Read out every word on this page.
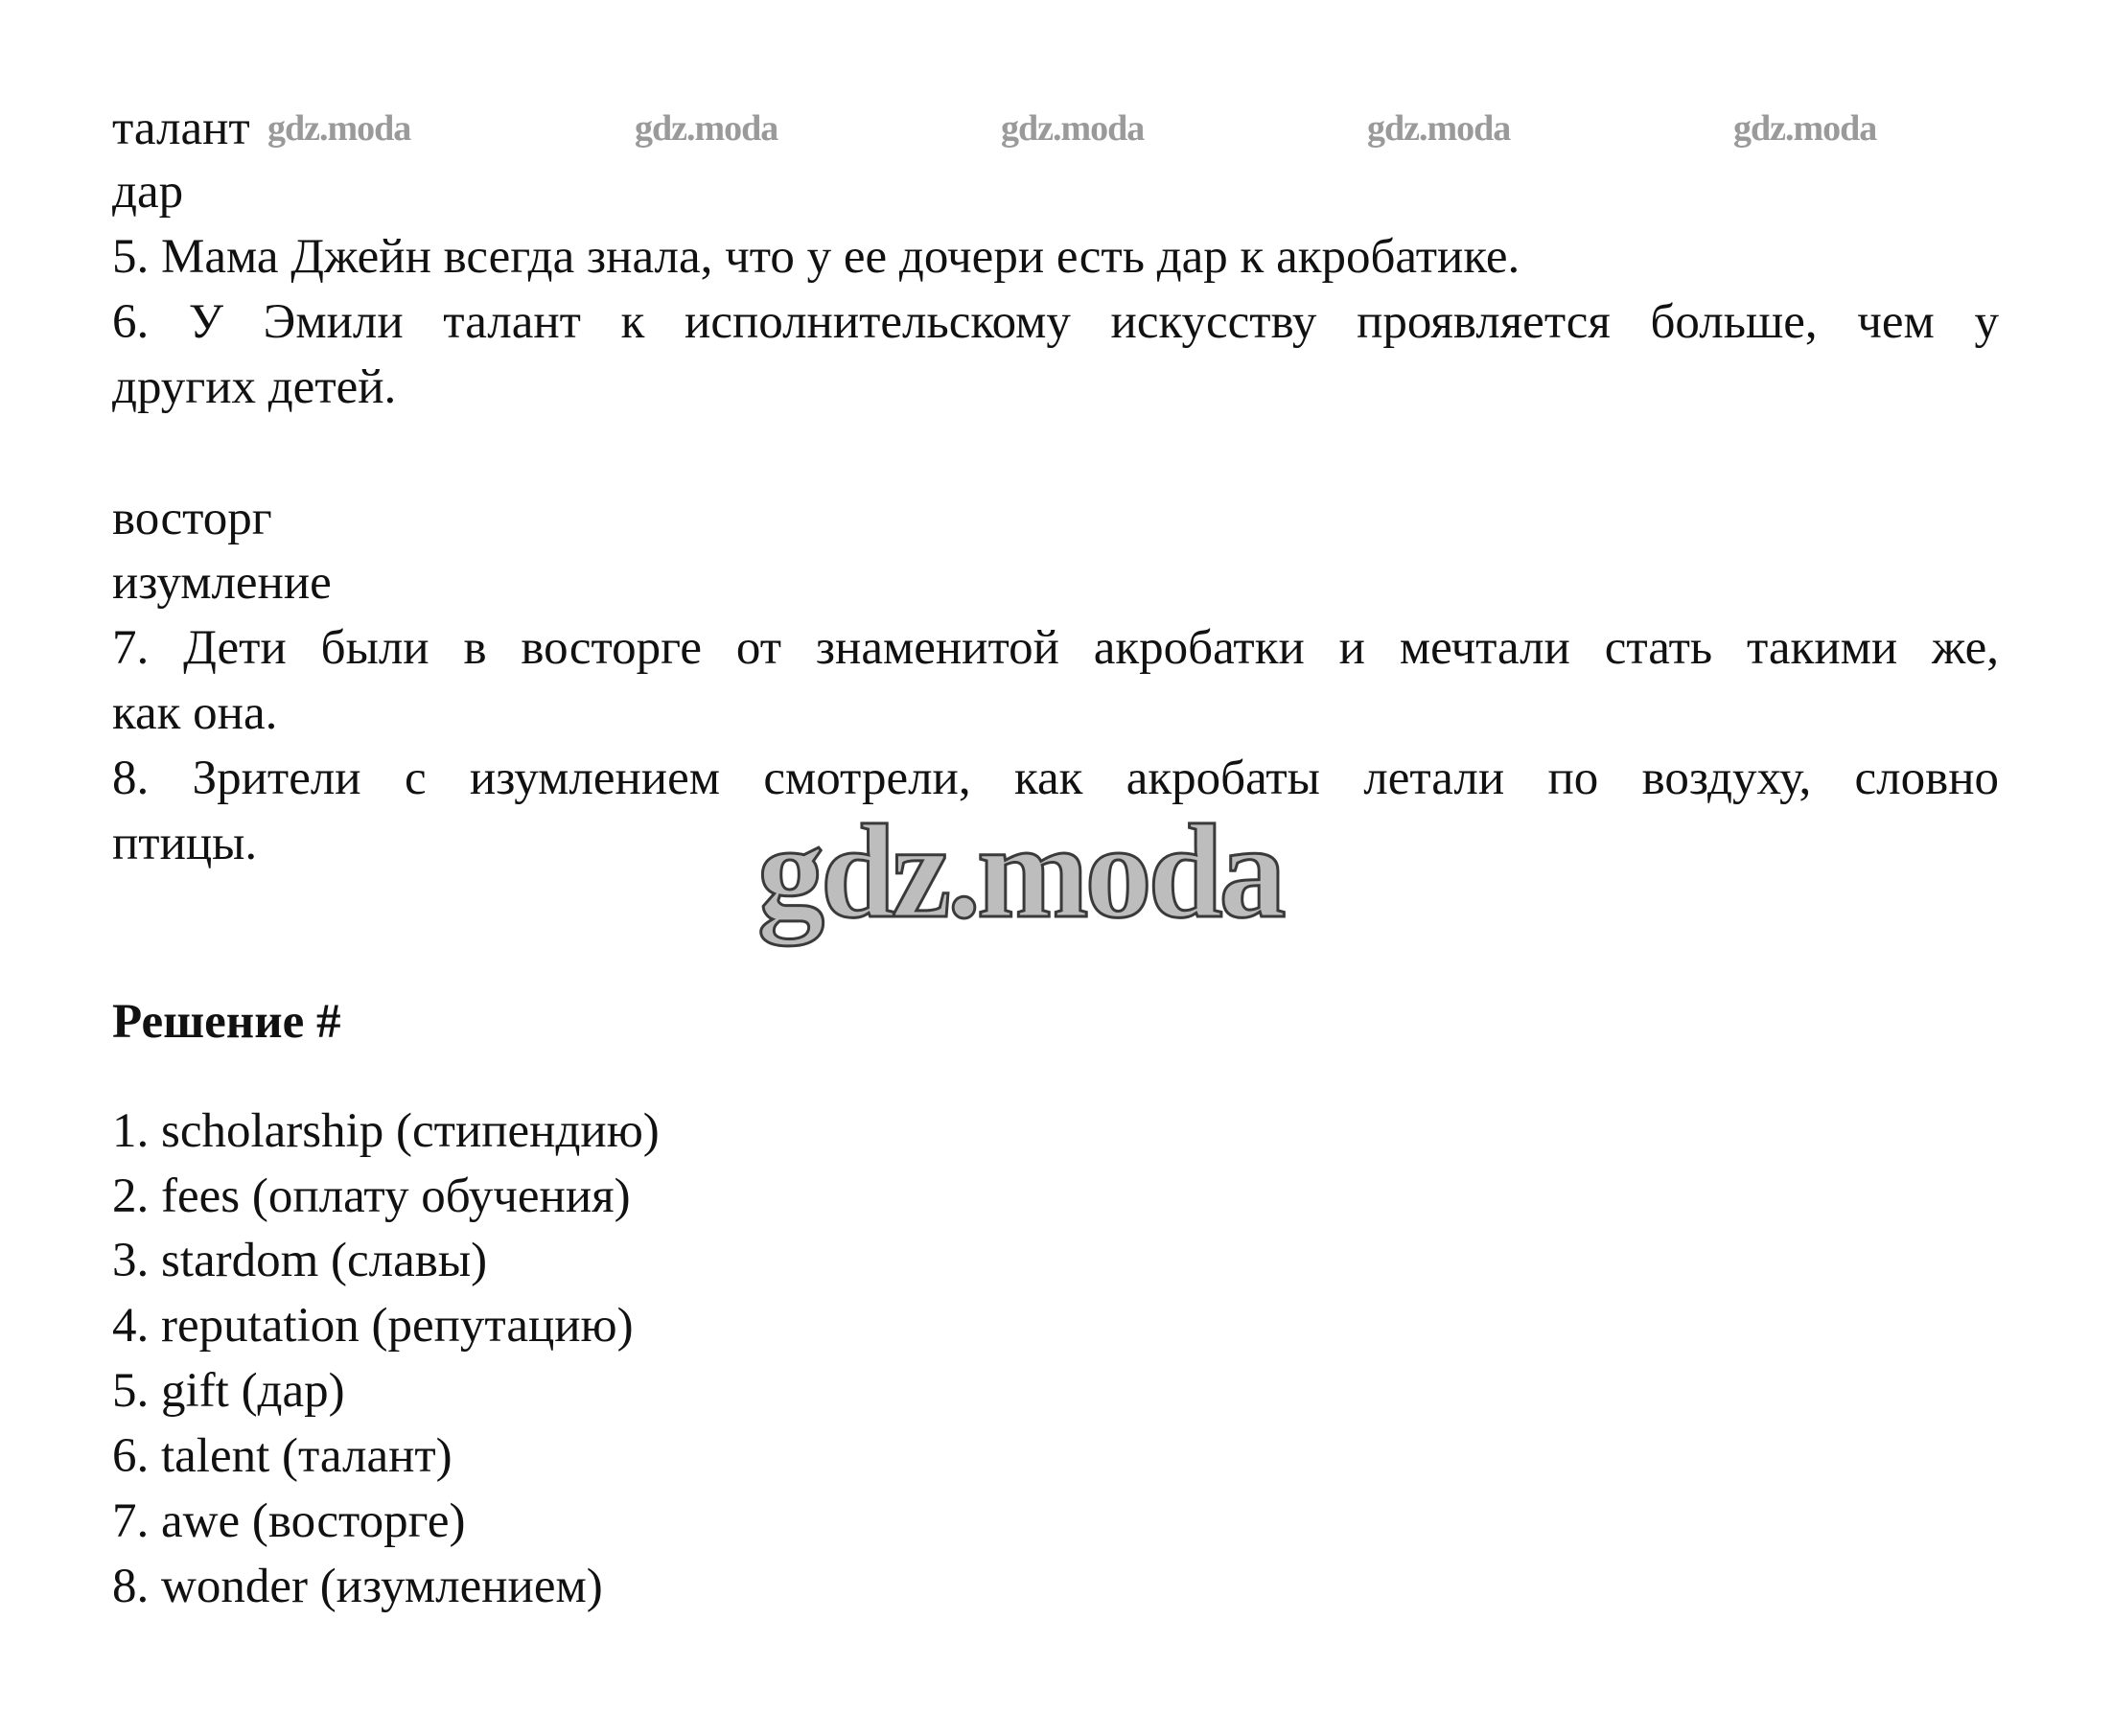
талант gdz.moda	gdz.moda	gdz.moda	gdz.moda	gdz.moda
дар
5. Мама Джейн всегда знала, что у ее дочери есть дар к акробатике.
6. У Эмили талант к исполнительскому искусству проявляется больше, чем у
других детей.
восторг
изумление
7. Дети были в восторге от знаменитой акробатки и мечтали стать такими же,
как она.
8. Зрители с изумлением смотрели, как акробаты летали по воздуху, словно
птицы.	gdz.moda
Решение #
1. scholarship (стипендию)
2. fees (оплату обучения)
3. stardom (славы)
4. reputation (репутацию)
5. gift (дар)
6. talent (талант)
7. awe (восторге)
8. wonder (изумлением)
